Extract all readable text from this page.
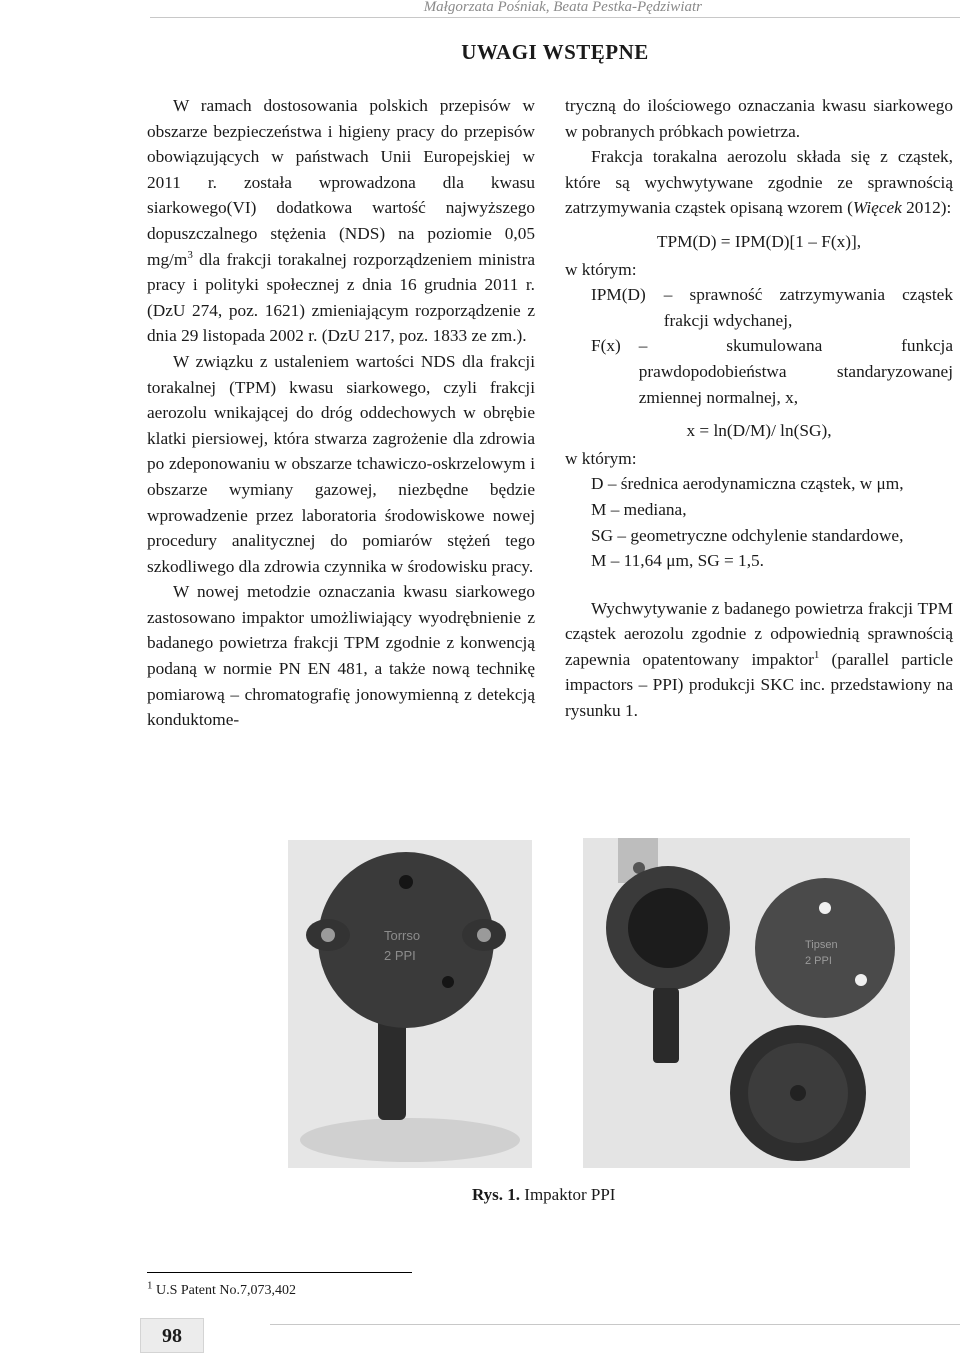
Małgorzata Pośniak, Beata Pestka-Pędziwiatr
UWAGI WSTĘPNE

W ramach dostosowania polskich przepisów w obszarze bezpieczeństwa i higieny pracy do przepisów obowiązujących w państwach Unii Europejskiej w 2011 r. została wprowadzona dla kwasu siarkowego(VI) dodatkowa wartość najwyższego dopuszczalnego stężenia (NDS) na poziomie 0,05 $mg/m^3$ dla frakcji torakalnej rozporządzeniem ministra pracy i polityki społecznej z dnia 16 grudnia 2011 r. (DzU 274, poz. 1621) zmieniającym rozporządzenie z dnia 29 listopada 2002 r. (DzU 217, poz. 1833 ze zm.).

W związku z ustaleniem wartości NDS dla frakcji torakalnej (TPM) kwasu siarkowego, czyli frakcji aerozolu wnikającej do dróg oddechowych w obrębie klatki piersiowej, która stwarza zagrożenie dla zdrowia po zdeponowaniu w obszarze tchawiczo-oskrzelowym i obszarze wymiany gazowej, niezbędne będzie wprowadzenie przez laboratoria środowiskowe nowej procedury analitycznej do pomiarów stężeń tego szkodliwego dla zdrowia czynnika w środowisku pracy.

W nowej metodzie oznaczania kwasu siarkowego zastosowano impaktor umożliwiający wyodrębnienie z badanego powietrza frakcji TPM zgodnie z konwencją podaną w normie PN EN 481, a także nową technikę pomiarową – chromatografię jonowymienną z detekcją konduktome-

tryczną do ilościowego oznaczania kwasu siarkowego w pobranych próbkach powietrza.

Frakcja torakalna aerozolu składa się z cząstek, które są wychwytywane zgodnie ze sprawnością zatrzymywania cząstek opisaną wzorem (Więcek 2012):

TPM(D) = IPM(D)[1 – F(x)],
w którym:
IPM(D) – sprawność zatrzymywania cząstek frakcji wdychanej,
F(x) – skumulowana funkcja prawdopodobieństwa standaryzowanej zmiennej normalnej, x,
x = ln(D/M)/ ln(SG),
w którym:
D – średnica aerodynamiczna cząstek, w μm,
M – mediana,
SG – geometryczne odchylenie standardowe,
M – 11,64 μm, SG = 1,5.

Wychwytywanie z badanego powietrza frakcji TPM cząstek aerozolu zgodnie z odpowiednią sprawnością zapewnia opatentowany impaktor$^1$ (parallel particle impactors – PPI) produkcji SKC inc. przedstawiony na rysunku 1.

Torrso
2 PPI
Tipsen
2 PPI
Rys. 1. Impaktor PPI
$^1$ U.S Patent No.7,073,402
98
